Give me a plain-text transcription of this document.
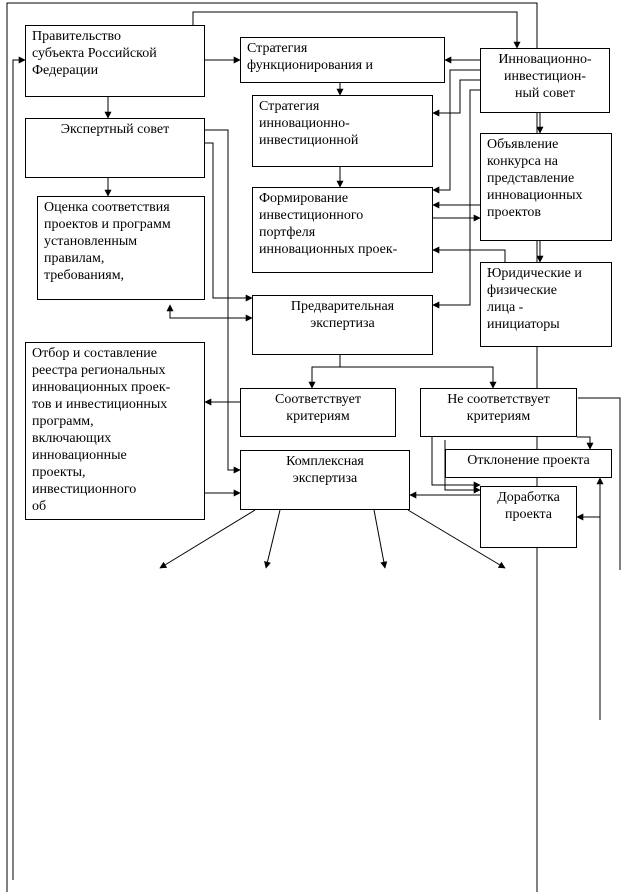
Правительство
субъекта Российской
Федерации
Стратегия
функционирования и	Инновационно-
инвестицион-
ный совет
Стратегия
инновационно-
инвестиционной
Экспертный совет
Объявление
конкурса на
представление
инновационных
проектов
Оценка соответствия
проектов и программ
установленным
правилам,
требованиям,
Формирование
инвестиционного
портфеля
инновационных проек-
Юридические и
физические
лица -
инициаторы
Предварительная
экспертиза
Отбор и составление
реестра региональных
инновационных проек-
тов и инвестиционных
программ,
включающих
инновационные
проекты,
инвестиционного
об
Соответствует
критериям
Не соответствует
критериям
Отклонение проекта
Комплексная
экспертиза
Доработка
проекта
